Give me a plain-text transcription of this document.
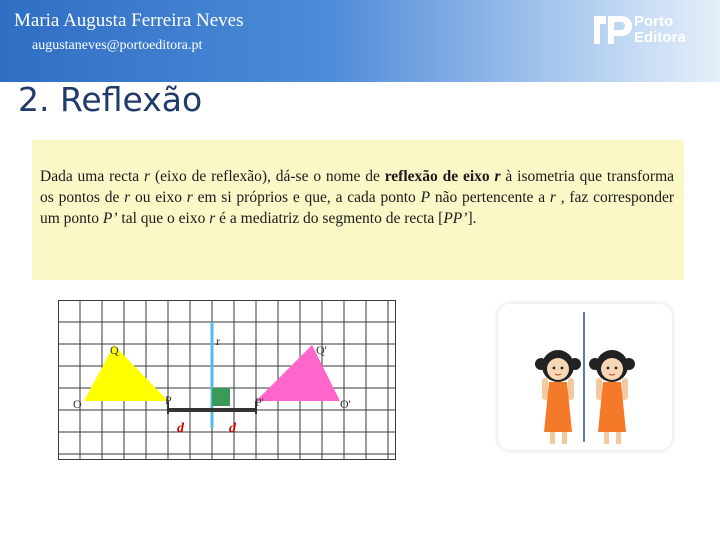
Maria Augusta Ferreira Neves
augustaneves@portoeditora.pt
Porto
Editora
2. Reflexão

Dada uma recta r (eixo de reflexão), dá-se o nome de reflexão de eixo r à isometria que transforma os pontos de r ou eixo r em si próprios e que, a cada ponto P não pertencente a r , faz corresponder um ponto P’ tal que o eixo r é a mediatriz do segmento de recta [PP’].

r
Q	Q'
O	O'
P	P'
d	d
